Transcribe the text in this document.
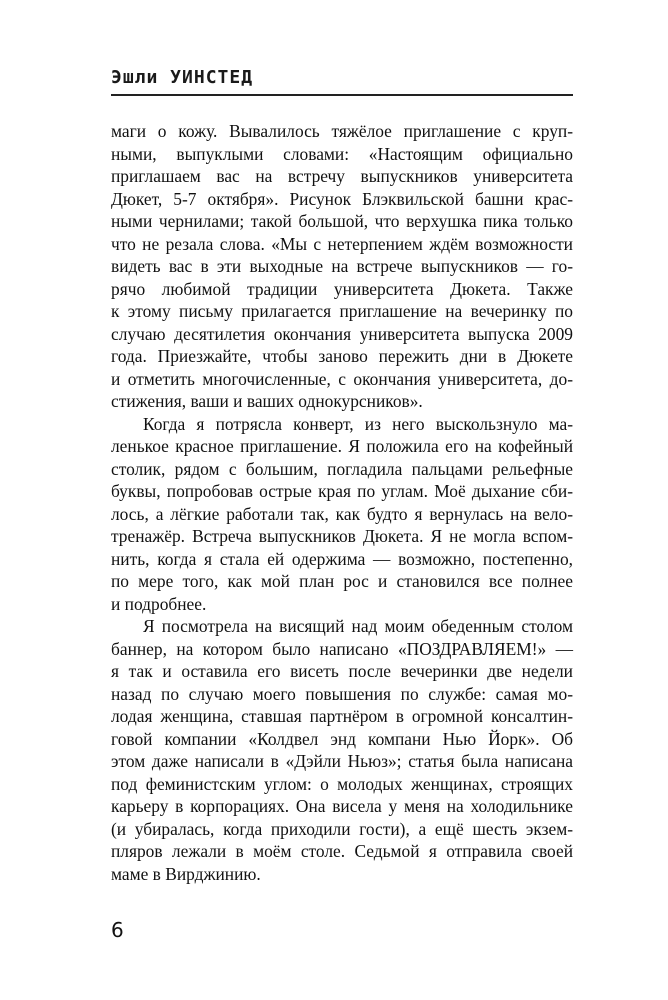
Эшли УИНСТЕД
маги о кожу. Вывалилось тяжёлое приглашение с круп-
ными, выпуклыми словами: «Настоящим официально
приглашаем вас на встречу выпускников университета
Дюкет, 5-7 октября». Рисунок Блэквильской башни крас-
ными чернилами; такой большой, что верхушка пика только
что не резала слова. «Мы с нетерпением ждём возможности
видеть вас в эти выходные на встрече выпускников — го-
рячо любимой традиции университета Дюкета. Также
к этому письму прилагается приглашение на вечеринку по
случаю десятилетия окончания университета выпуска 2009
года. Приезжайте, чтобы заново пережить дни в Дюкете
и отметить многочисленные, с окончания университета, до-
стижения, ваши и ваших однокурсников».
Когда я потрясла конверт, из него выскользнуло ма-
ленькое красное приглашение. Я положила его на кофейный
столик, рядом с большим, погладила пальцами рельефные
буквы, попробовав острые края по углам. Моё дыхание сби-
лось, а лёгкие работали так, как будто я вернулась на вело-
тренажёр. Встреча выпускников Дюкета. Я не могла вспом-
нить, когда я стала ей одержима — возможно, постепенно,
по мере того, как мой план рос и становился все полнее
и подробнее.
Я посмотрела на висящий над моим обеденным столом
баннер, на котором было написано «ПОЗДРАВЛЯЕМ!» —
я так и оставила его висеть после вечеринки две недели
назад по случаю моего повышения по службе: самая мо-
лодая женщина, ставшая партнёром в огромной консалтин-
говой компании «Колдвел энд компани Нью Йорк». Об
этом даже написали в «Дэйли Ньюз»; статья была написана
под феминистским углом: о молодых женщинах, строящих
карьеру в корпорациях. Она висела у меня на холодильнике
(и убиралась, когда приходили гости), а ещё шесть экзем-
пляров лежали в моём столе. Седьмой я отправила своей
маме в Вирджинию.
6
